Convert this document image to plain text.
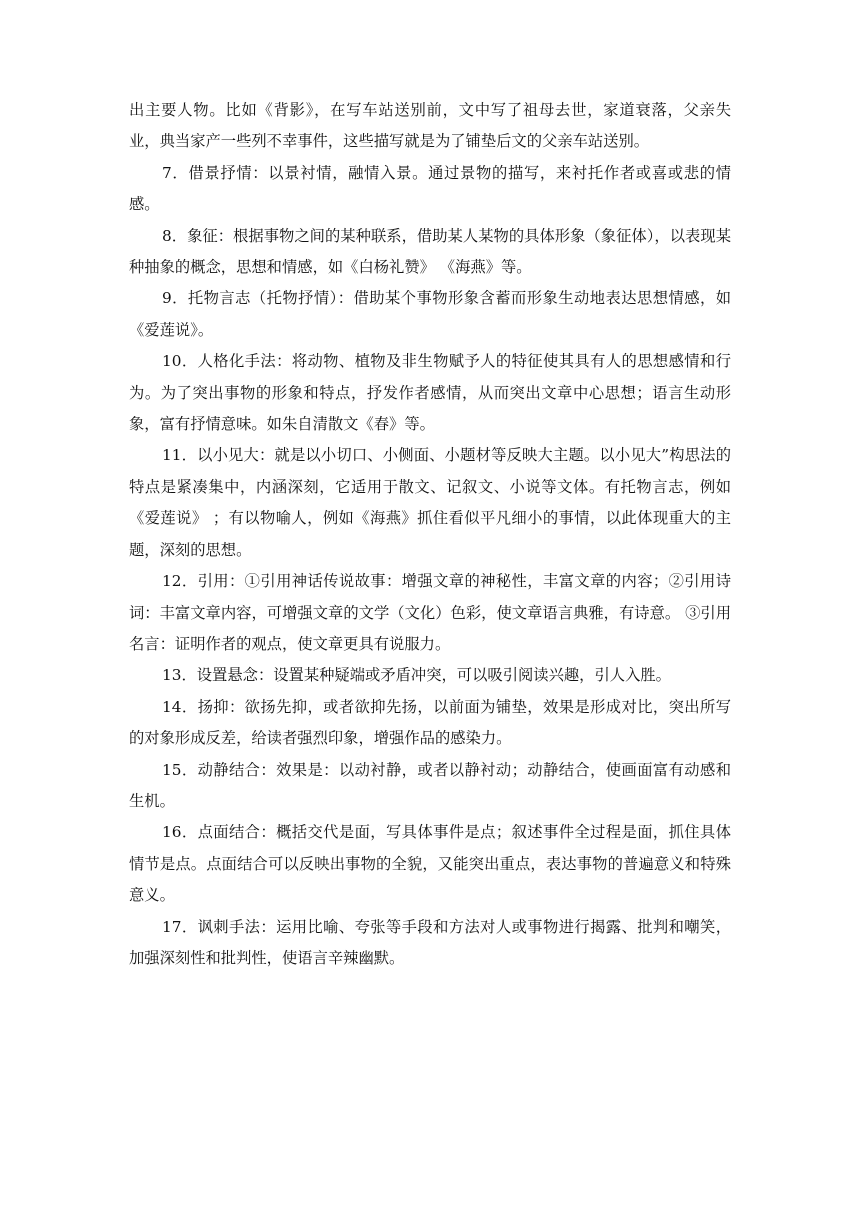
出主要人物。比如《背影》，在写车站送别前，文中写了祖母去世，家道衰落，父亲失业，典当家产一些列不幸事件，这些描写就是为了铺垫后文的父亲车站送别。

7．借景抒情：以景衬情，融情入景。通过景物的描写，来衬托作者或喜或悲的情感。

8．象征：根据事物之间的某种联系，借助某人某物的具体形象（象征体），以表现某种抽象的概念，思想和情感，如《白杨礼赞》 《海燕》等。

9．托物言志（托物抒情）：借助某个事物形象含蓄而形象生动地表达思想情感，如《爱莲说》。

10．人格化手法：将动物、植物及非生物赋予人的特征使其具有人的思想感情和行为。为了突出事物的形象和特点，抒发作者感情，从而突出文章中心思想；语言生动形象，富有抒情意味。如朱自清散文《春》等。

11．以小见大：就是以小切口、小侧面、小题材等反映大主题。以小见大”构思法的特点是紧凑集中，内涵深刻，它适用于散文、记叙文、小说等文体。有托物言志，例如《爱莲说》 ；有以物喻人，例如《海燕》抓住看似平凡细小的事情，以此体现重大的主题，深刻的思想。

12．引用：①引用神话传说故事：增强文章的神秘性，丰富文章的内容；②引用诗词：丰富文章内容，可增强文章的文学（文化）色彩，使文章语言典雅，有诗意。 ③引用名言：证明作者的观点，使文章更具有说服力。

13．设置悬念：设置某种疑端或矛盾冲突，可以吸引阅读兴趣，引人入胜。

14．扬抑：欲扬先抑，或者欲抑先扬，以前面为铺垫，效果是形成对比，突出所写的对象形成反差，给读者强烈印象，增强作品的感染力。

15．动静结合：效果是：以动衬静，或者以静衬动；动静结合，使画面富有动感和生机。

16．点面结合：概括交代是面，写具体事件是点；叙述事件全过程是面，抓住具体情节是点。点面结合可以反映出事物的全貌，又能突出重点，表达事物的普遍意义和特殊意义。

17．讽刺手法：运用比喻、夸张等手段和方法对人或事物进行揭露、批判和嘲笑，加强深刻性和批判性，使语言辛辣幽默。
